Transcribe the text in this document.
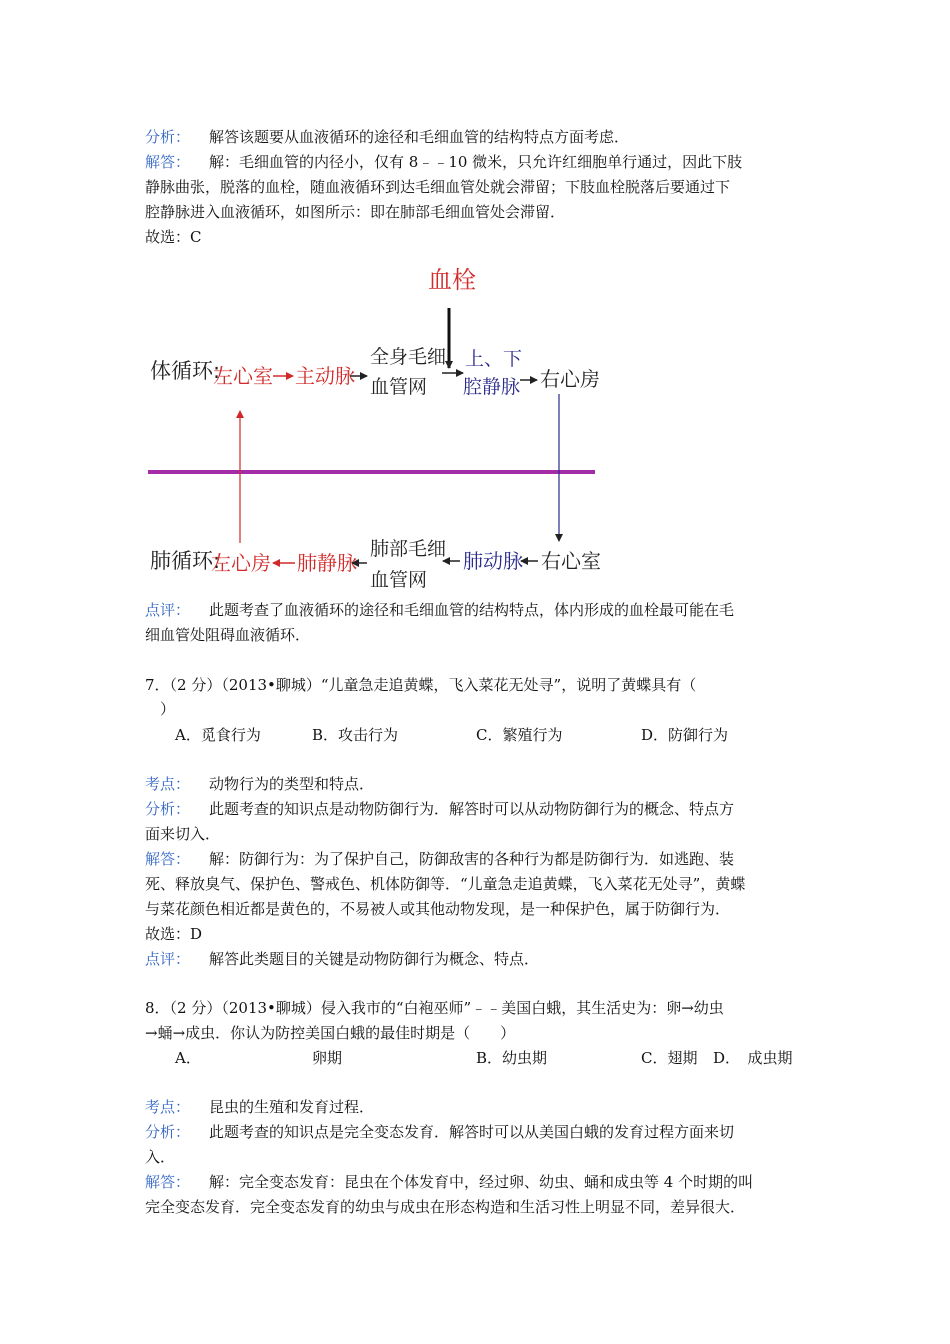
分析： 解答该题要从血液循环的途径和毛细血管的结构特点方面考虑．
解答： 解：毛细血管的内径小，仅有 8﹣﹣10 微米，只允许红细胞单行通过，因此下肢
静脉曲张，脱落的血栓，随血液循环到达毛细血管处就会滞留；下肢血栓脱落后要通过下
腔静脉进入血液循环，如图所示：即在肺部毛细血管处会滞留．
故选：C
血栓
体循环:
左心室 主动脉
全身毛细
血管网
上、下
腔静脉 右心房
肺循环:
左心房 肺静脉
肺部毛细
血管网
肺动脉 右心室
点评： 此题考查了血液循环的途径和毛细血管的结构特点，体内形成的血栓最可能在毛
细血管处阻碍血液循环．
7．（2 分）（2013•聊城）“儿童急走追黄蝶，飞入菜花无处寻”，说明了黄蝶具有（
）
A．觅食行为	B．攻击行为	C．繁殖行为	D．防御行为
考点： 动物行为的类型和特点．
分析： 此题考查的知识点是动物防御行为．解答时可以从动物防御行为的概念、特点方
面来切入．
解答： 解：防御行为：为了保护自己，防御敌害的各种行为都是防御行为．如逃跑、装
死、释放臭气、保护色、警戒色、机体防御等．“儿童急走追黄蝶，飞入菜花无处寻”，黄蝶
与菜花颜色相近都是黄色的，不易被人或其他动物发现，是一种保护色，属于防御行为．
故选：D
点评： 解答此类题目的关键是动物防御行为概念、特点．
8．（2 分）（2013•聊城）侵入我市的“白袍巫师”﹣﹣美国白蛾，其生活史为：卵→幼虫
→蛹→成虫．你认为防控美国白蛾的最佳时期是（　　）
A．	卵期	B．幼虫期	C．翅期 D．　成虫期
考点： 昆虫的生殖和发育过程．
分析： 此题考查的知识点是完全变态发育．解答时可以从美国白蛾的发育过程方面来切
入．
解答： 解：完全变态发育：昆虫在个体发育中，经过卵、幼虫、蛹和成虫等 4 个时期的叫
完全变态发育．完全变态发育的幼虫与成虫在形态构造和生活习性上明显不同，差异很大．
